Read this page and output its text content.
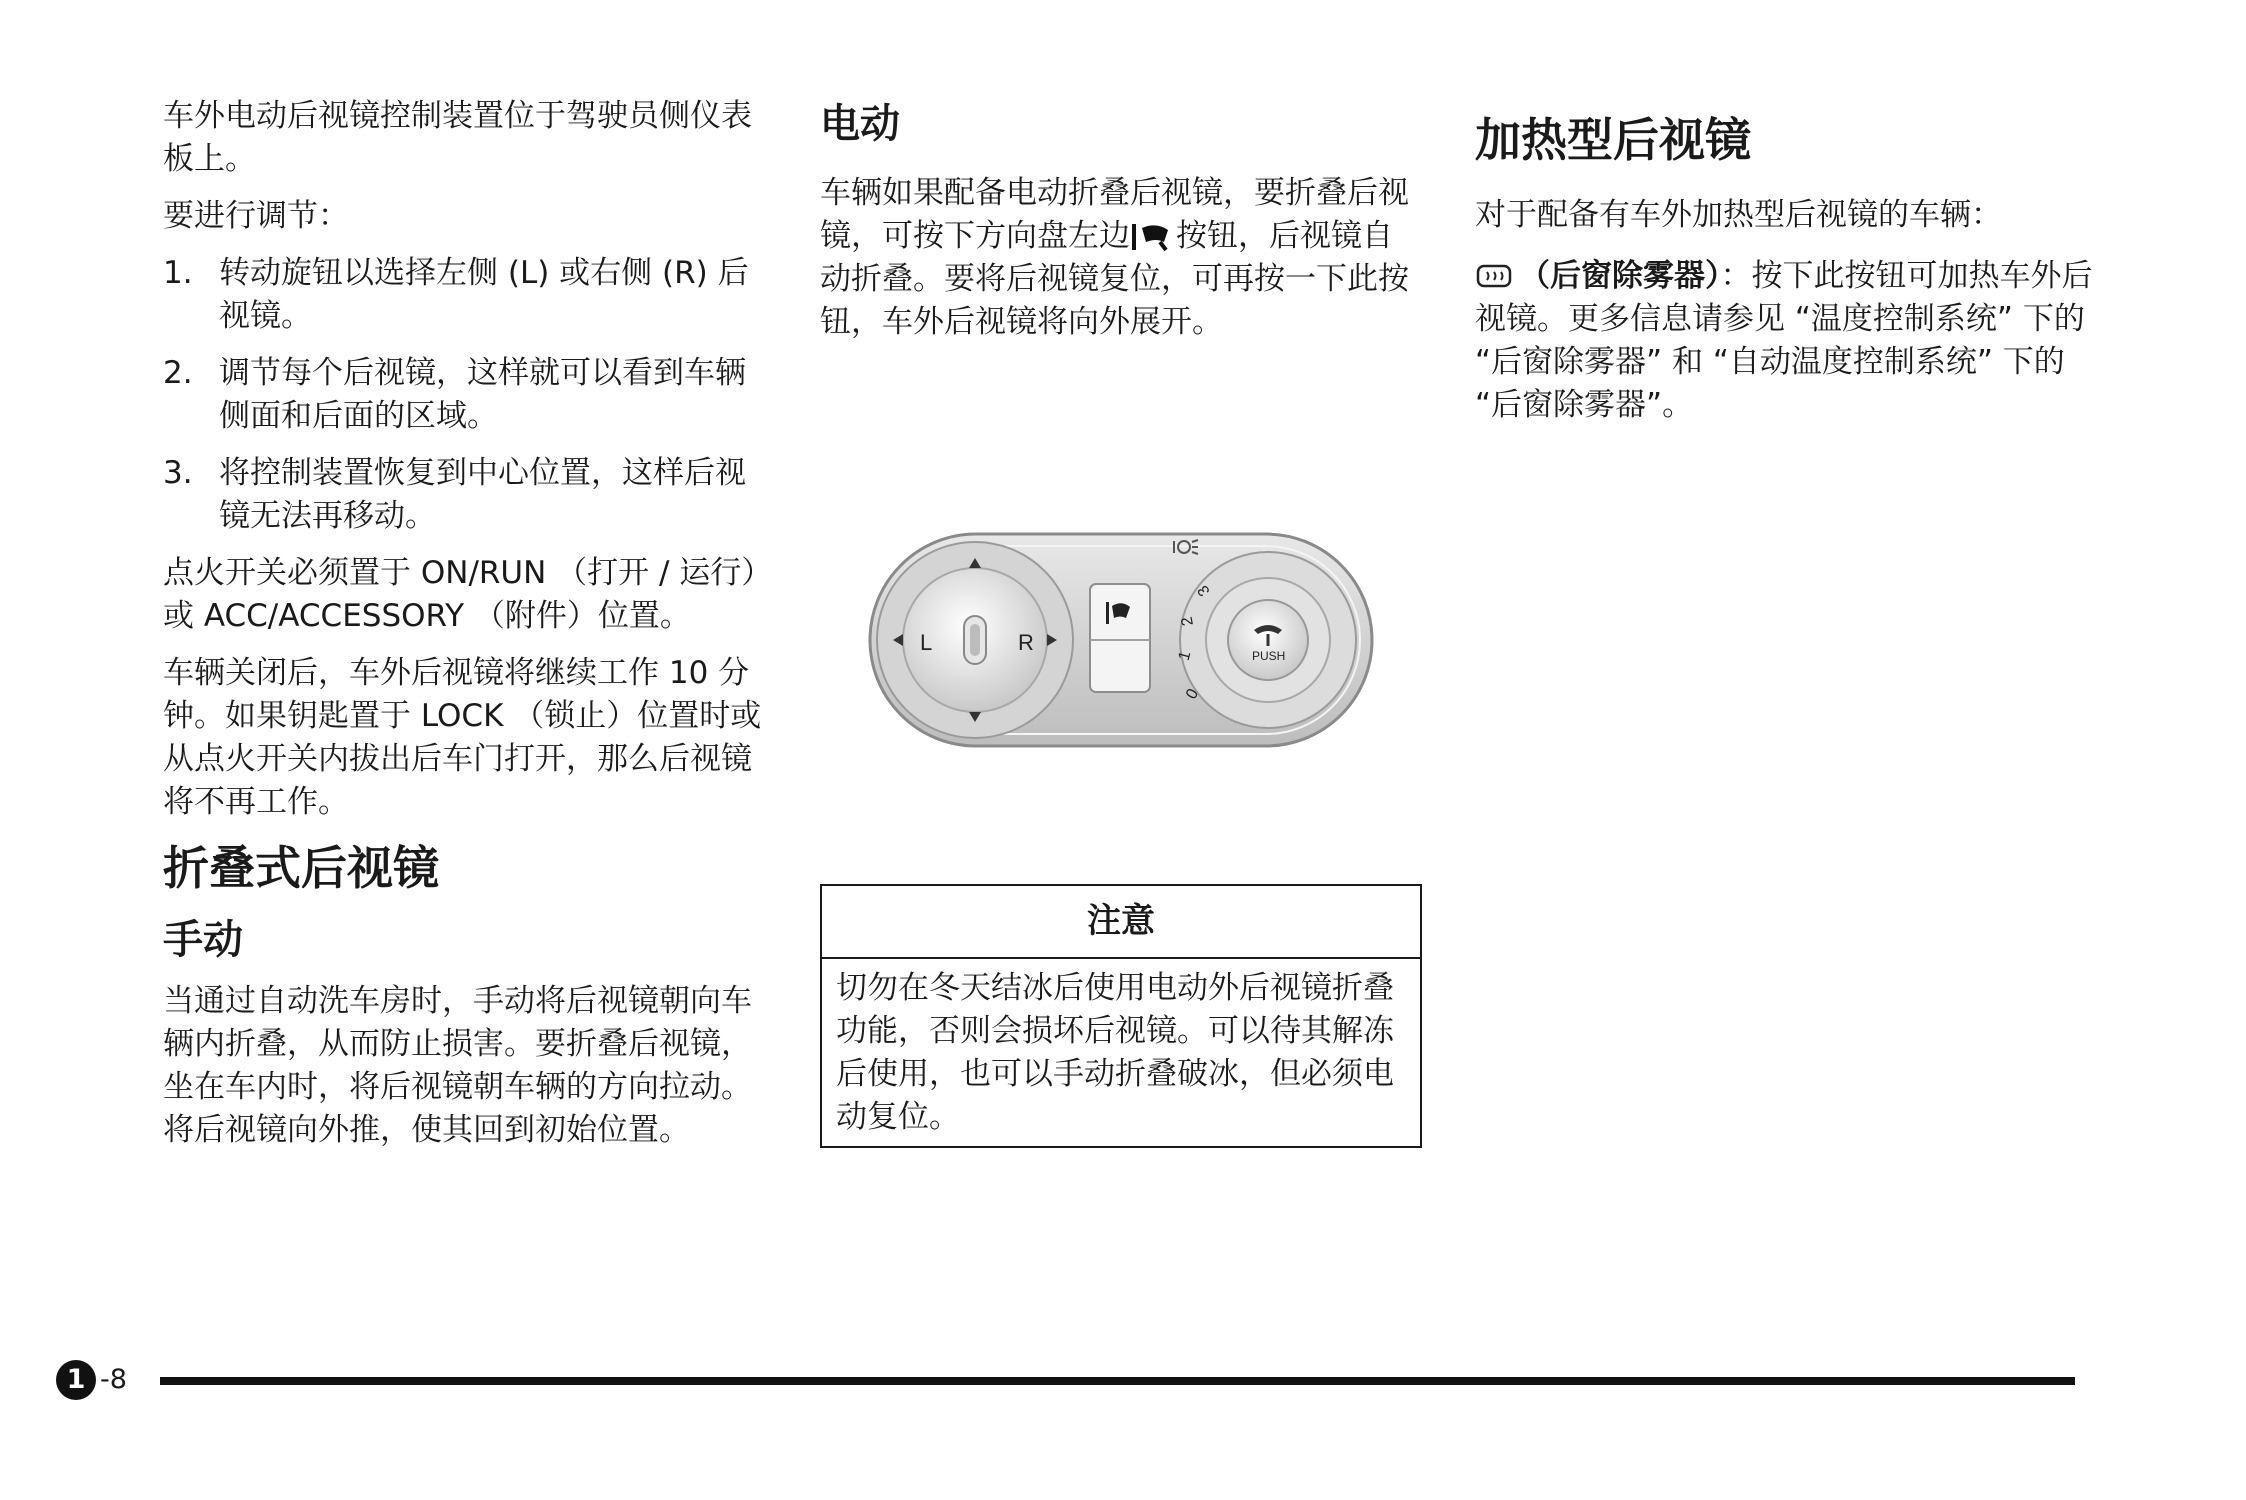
车外电动后视镜控制装置位于驾驶员侧仪表板上。

要进行调节：

1. 转动旋钮以选择左侧 (L) 或右侧 (R) 后视镜。
2. 调节每个后视镜，这样就可以看到车辆侧面和后面的区域。
3. 将控制装置恢复到中心位置，这样后视镜无法再移动。

点火开关必须置于 ON/RUN （打开 / 运行）或 ACC/ACCESSORY （附件）位置。

车辆关闭后，车外后视镜将继续工作 10 分钟。如果钥匙置于 LOCK （锁止）位置时或从点火开关内拔出后车门打开，那么后视镜将不再工作。

折叠式后视镜
手动

当通过自动洗车房时，手动将后视镜朝向车辆内折叠，从而防止损害。要折叠后视镜，坐在车内时，将后视镜朝车辆的方向拉动。将后视镜向外推，使其回到初始位置。

电动

车辆如果配备电动折叠后视镜，要折叠后视镜，可按下方向盘左边 按钮，后视镜自动折叠。要将后视镜复位，可再按一下此按钮，车外后视镜将向外展开。

L	R
PUSH
0
1
2
3
注意
切勿在冬天结冰后使用电动外后视镜折叠功能，否则会损坏后视镜。可以待其解冻后使用，也可以手动折叠破冰，但必须电动复位。
加热型后视镜

对于配备有车外加热型后视镜的车辆：

（后窗除雾器）：按下此按钮可加热车外后视镜。更多信息请参见 “温度控制系统” 下的 “后窗除雾器” 和 “自动温度控制系统” 下的 “后窗除雾器”。

1 -8
